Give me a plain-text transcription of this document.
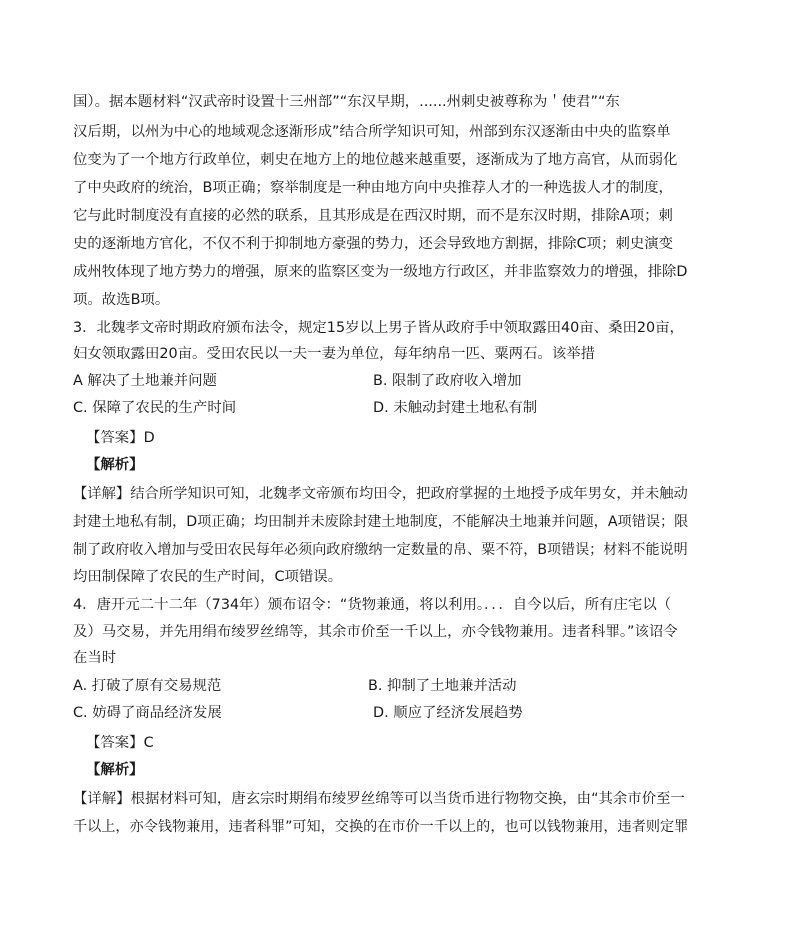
国）。据本题材料“汉武帝时设置十三州部”“东汉早期，......州刺史被尊称为＇使君”“东
汉后期，以州为中心的地域观念逐渐形成”结合所学知识可知，州部到东汉逐渐由中央的监察单
位变为了一个地方行政单位，刺史在地方上的地位越来越重要，逐渐成为了地方高官，从而弱化
了中央政府的统治，B项正确；察举制度是一种由地方向中央推荐人才的一种选拔人才的制度，
它与此时制度没有直接的必然的联系，且其形成是在西汉时期，而不是东汉时期，排除A项；刺
史的逐渐地方官化，不仅不利于抑制地方豪强的势力，还会导致地方割据，排除C项；刺史演变
成州牧体现了地方势力的增强，原来的监察区变为一级地方行政区，并非监察效力的增强，排除D
项。故选B项。
3．北魏孝文帝时期政府颁布法令，规定15岁以上男子皆从政府手中领取露田40亩、桑田20亩，
妇女领取露田20亩。受田农民以一夫一妻为单位，每年纳帛一匹、粟两石。该举措
A 解决了土地兼并问题	B. 限制了政府收入增加
C. 保障了农民的生产时间	D. 未触动封建土地私有制
【答案】D
【解析】
【详解】结合所学知识可知，北魏孝文帝颁布均田令，把政府掌握的土地授予成年男女，并未触动
封建土地私有制，D项正确；均田制并未废除封建土地制度，不能解决土地兼并问题，A项错误；限
制了政府收入增加与受田农民每年必须向政府缴纳一定数量的帛、粟不符，B项错误；材料不能说明
均田制保障了农民的生产时间，C项错误。
4．唐开元二十二年（734年）颁布诏令：“货物兼通，将以利用。．．．自今以后，所有庄宅以（
及）马交易，并先用绢布绫罗丝绵等，其余市价至一千以上，亦令钱物兼用。违者科罪。”该诏令
在当时
A. 打破了原有交易规范	B. 抑制了土地兼并活动
C. 妨碍了商品经济发展	D. 顺应了经济发展趋势
【答案】C
【解析】
【详解】根据材料可知，唐玄宗时期绢布绫罗丝绵等可以当货币进行物物交换，由“其余市价至一
千以上，亦令钱物兼用，违者科罪”可知，交换的在市价一千以上的，也可以钱物兼用，违者则定罪
